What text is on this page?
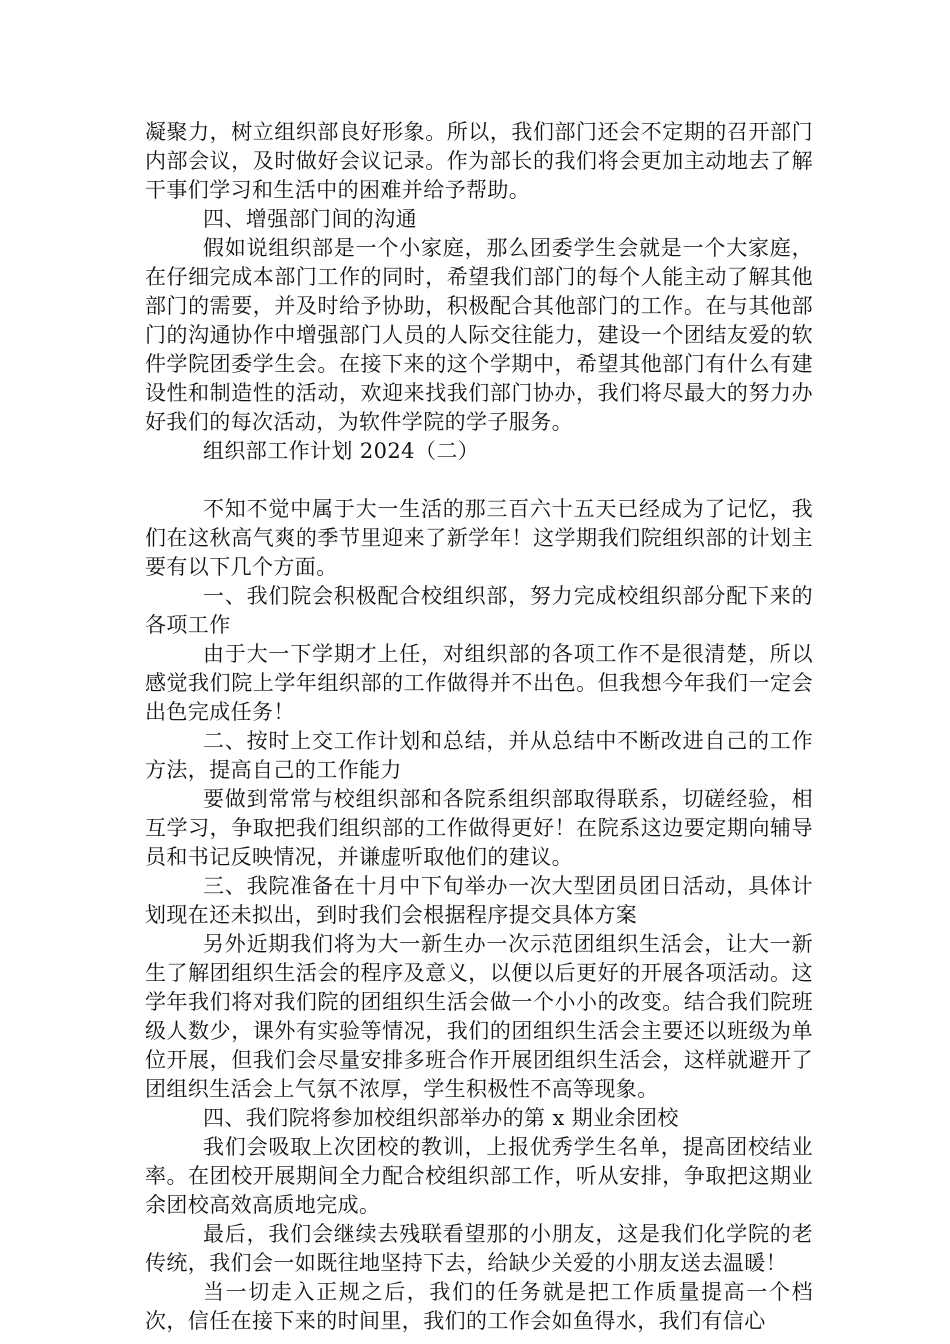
凝聚力，树立组织部良好形象。所以，我们部门还会不定期的召开部门内部会议，及时做好会议记录。作为部长的我们将会更加主动地去了解干事们学习和生活中的困难并给予帮助。

四、增强部门间的沟通

假如说组织部是一个小家庭，那么团委学生会就是一个大家庭，在仔细完成本部门工作的同时，希望我们部门的每个人能主动了解其他部门的需要，并及时给予协助，积极配合其他部门的工作。在与其他部门的沟通协作中增强部门人员的人际交往能力，建设一个团结友爱的软件学院团委学生会。在接下来的这个学期中，希望其他部门有什么有建设性和制造性的活动，欢迎来找我们部门协办，我们将尽最大的努力办好我们的每次活动，为软件学院的学子服务。

组织部工作计划 2024（二）

不知不觉中属于大一生活的那三百六十五天已经成为了记忆，我们在这秋高气爽的季节里迎来了新学年！这学期我们院组织部的计划主要有以下几个方面。

一、我们院会积极配合校组织部，努力完成校组织部分配下来的各项工作

由于大一下学期才上任，对组织部的各项工作不是很清楚，所以感觉我们院上学年组织部的工作做得并不出色。但我想今年我们一定会出色完成任务！

二、按时上交工作计划和总结，并从总结中不断改进自己的工作方法，提高自己的工作能力

要做到常常与校组织部和各院系组织部取得联系，切磋经验，相互学习，争取把我们组织部的工作做得更好！在院系这边要定期向辅导员和书记反映情况，并谦虚听取他们的建议。

三、我院准备在十月中下旬举办一次大型团员团日活动，具体计划现在还未拟出，到时我们会根据程序提交具体方案

另外近期我们将为大一新生办一次示范团组织生活会，让大一新生了解团组织生活会的程序及意义，以便以后更好的开展各项活动。这学年我们将对我们院的团组织生活会做一个小小的改变。结合我们院班级人数少，课外有实验等情况，我们的团组织生活会主要还以班级为单位开展，但我们会尽量安排多班合作开展团组织生活会，这样就避开了团组织生活会上气氛不浓厚，学生积极性不高等现象。

四、我们院将参加校组织部举办的第 x 期业余团校

我们会吸取上次团校的教训，上报优秀学生名单，提高团校结业率。在团校开展期间全力配合校组织部工作，听从安排，争取把这期业余团校高效高质地完成。

最后，我们会继续去残联看望那的小朋友，这是我们化学院的老传统，我们会一如既往地坚持下去，给缺少关爱的小朋友送去温暖！

当一切走入正规之后，我们的任务就是把工作质量提高一个档次，信任在接下来的时间里，我们的工作会如鱼得水，我们有信心
